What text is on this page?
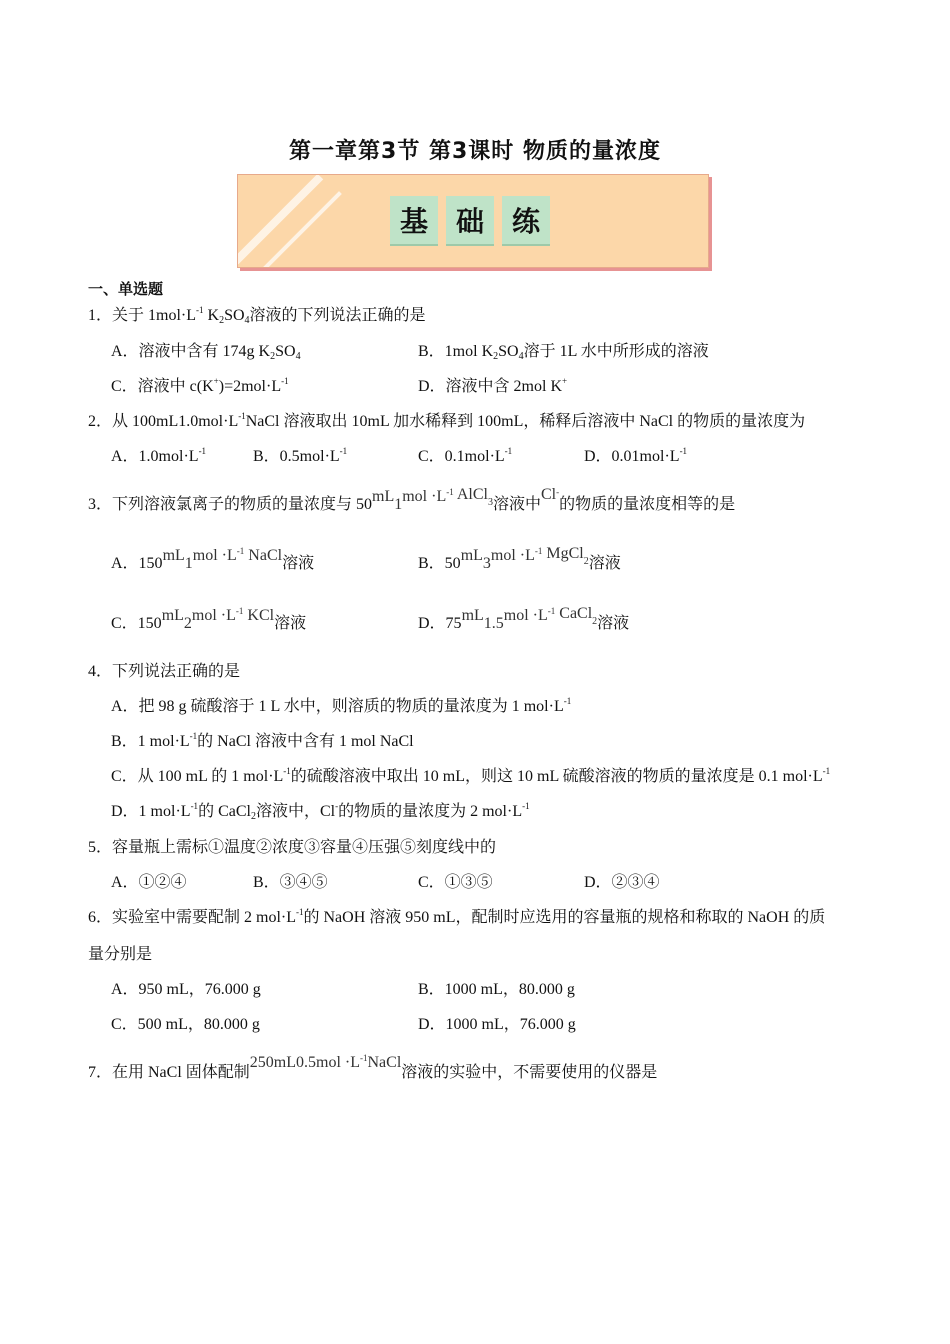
第一章第3节 第3课时 物质的量浓度
基 础 练
一、单选题
1．关于 $1mol\cdot L^{-1}$ $K_2SO_4$溶液的下列说法正确的是
A．溶液中含有 174g $K_2SO_4$	B．1mol $K_2SO_4$溶于 1L 水中所形成的溶液
C．溶液中 $c(K^+)=2mol\cdot L^{-1}$	D．溶液中含 2mol K+
2．从 $100mL1.0mol\cdot L^{-1}NaCl$ 溶液取出 10mL 加水稀释到 100mL，稀释后溶液中 NaCl 的物质的量浓度为
A．$1.0mol\cdot L^{-1}$	B．$0.5mol\cdot L^{-1}$	C．$0.1mol\cdot L^{-1}$	D．$0.01mol\cdot L^{-1}$
3．下列溶液氯离子的物质的量浓度与 $50mL1mol \cdot L^{-1}$ AlCl$_3$溶液中Cl-的物质的量浓度相等的是
A．$150mL1mol \cdot L^{-1}$ NaCl溶液	B．$50mL3mol \cdot L^{-1}$ MgCl$_2$溶液
C．$150mL2mol \cdot L^{-1}$ KCl溶液	D．$75mL1.5mol \cdot L^{-1}$ CaCl$_2$溶液
4．下列说法正确的是
A．把 98 g 硫酸溶于 1 L 水中，则溶质的物质的量浓度为 1 $mol\cdot L^{-1}$
B．1 $mol\cdot L^{-1}$的 NaCl 溶液中含有 1 mol NaCl
C．从 100 mL 的 1 $mol\cdot L^{-1}$的硫酸溶液中取出 10 mL，则这 10 mL 硫酸溶液的物质的量浓度是 0.1 $mol\cdot L^{-1}$
D．1 $mol\cdot L^{-1}$的 CaCl$_2$溶液中，Cl-的物质的量浓度为 2 $mol\cdot L^{-1}$
5．容量瓶上需标①温度②浓度③容量④压强⑤刻度线中的
A．①②④	B．③④⑤	C．①③⑤	D．②③④
6．实验室中需要配制 2 $mol\cdot L^{-1}$的 NaOH 溶液 950 mL，配制时应选用的容量瓶的规格和称取的 NaOH 的质
量分别是
A．950 mL，76.000 g	B．1000 mL，80.000 g
C．500 mL，80.000 g	D．1000 mL，76.000 g
7．在用 NaCl 固体配制$250mL0.5mol \cdot L^{-1}NaCl$溶液的实验中，不需要使用的仪器是
